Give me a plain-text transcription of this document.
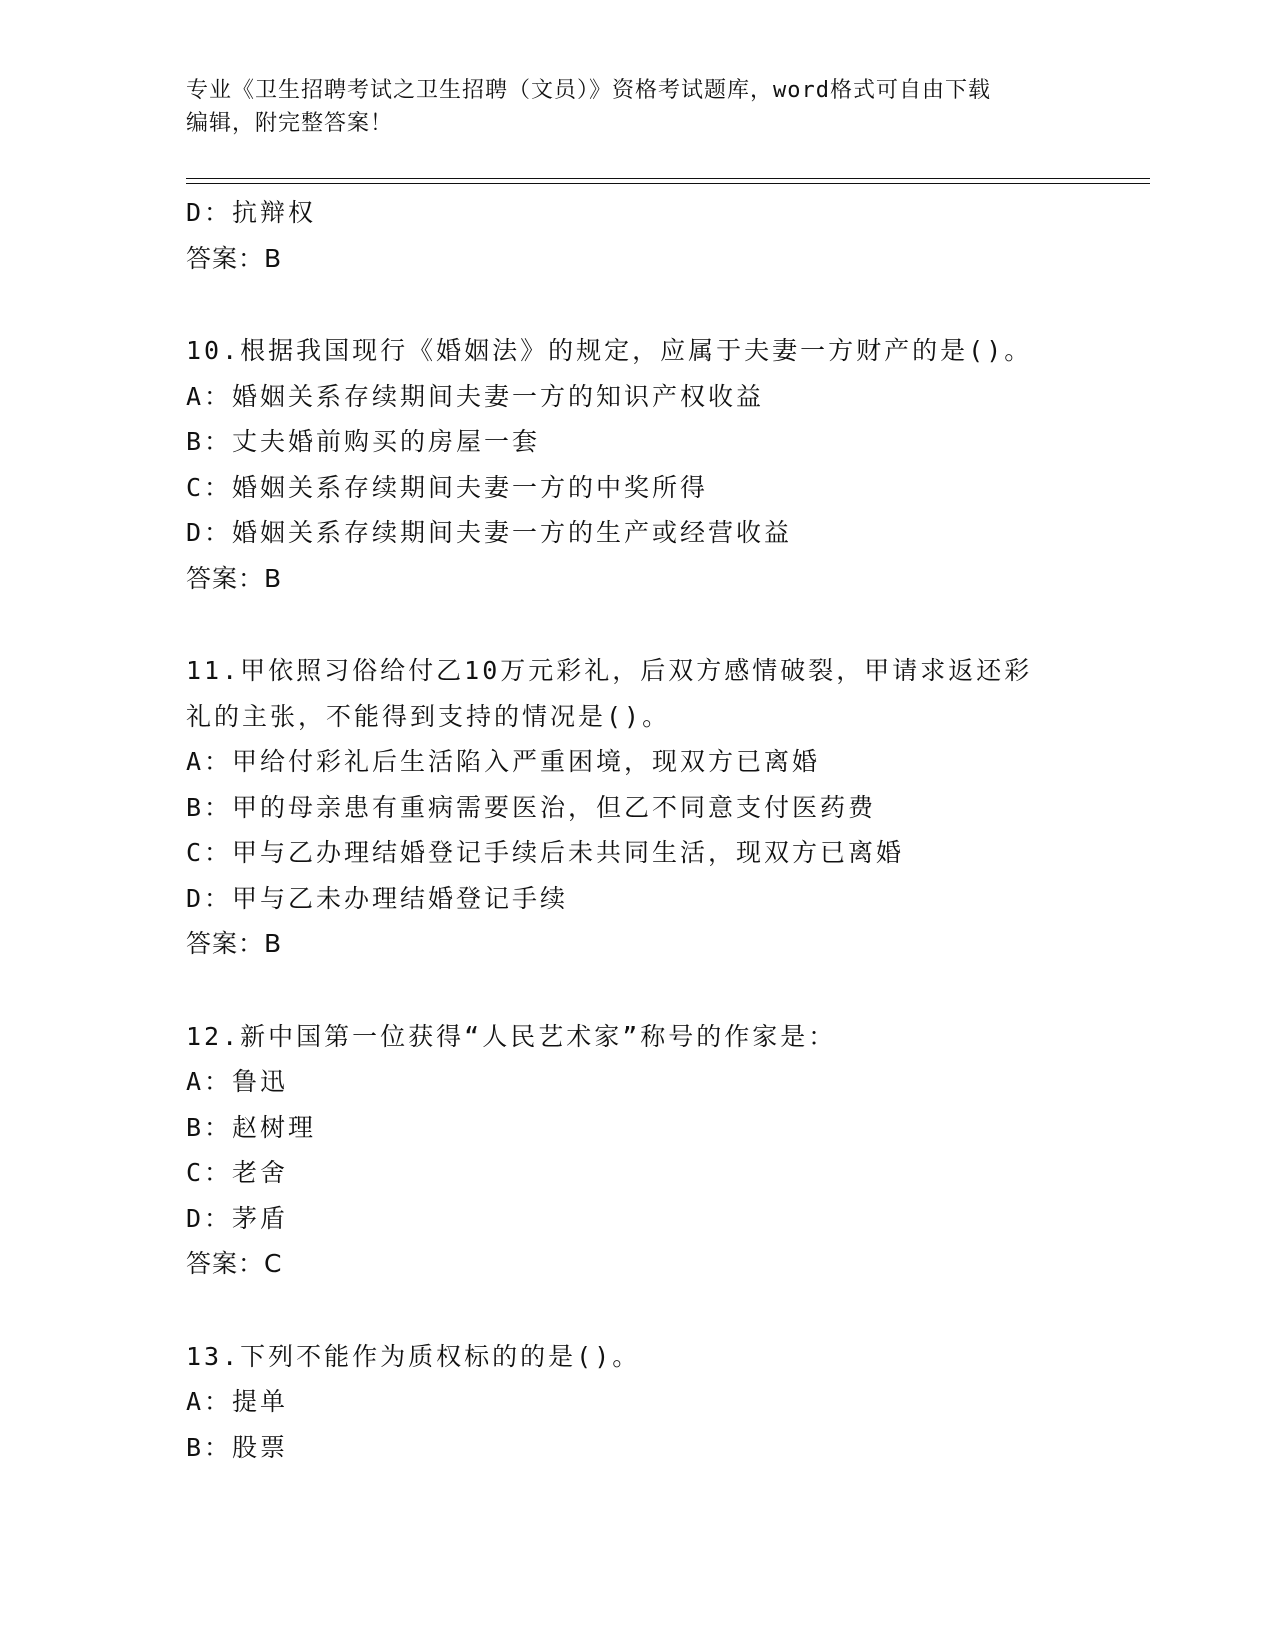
专业《卫生招聘考试之卫生招聘（文员）》资格考试题库，word格式可自由下载
编辑，附完整答案！
D：抗辩权
答案：B
10.根据我国现行《婚姻法》的规定，应属于夫妻一方财产的是()。
A：婚姻关系存续期间夫妻一方的知识产权收益
B：丈夫婚前购买的房屋一套
C：婚姻关系存续期间夫妻一方的中奖所得
D：婚姻关系存续期间夫妻一方的生产或经营收益
答案：B
11.甲依照习俗给付乙10万元彩礼，后双方感情破裂，甲请求返还彩
礼的主张，不能得到支持的情况是()。
A：甲给付彩礼后生活陷入严重困境，现双方已离婚
B：甲的母亲患有重病需要医治，但乙不同意支付医药费
C：甲与乙办理结婚登记手续后未共同生活，现双方已离婚
D：甲与乙未办理结婚登记手续
答案：B
12.新中国第一位获得“人民艺术家”称号的作家是：
A：鲁迅
B：赵树理
C：老舍
D：茅盾
答案：C
13.下列不能作为质权标的的是()。
A：提单
B：股票
